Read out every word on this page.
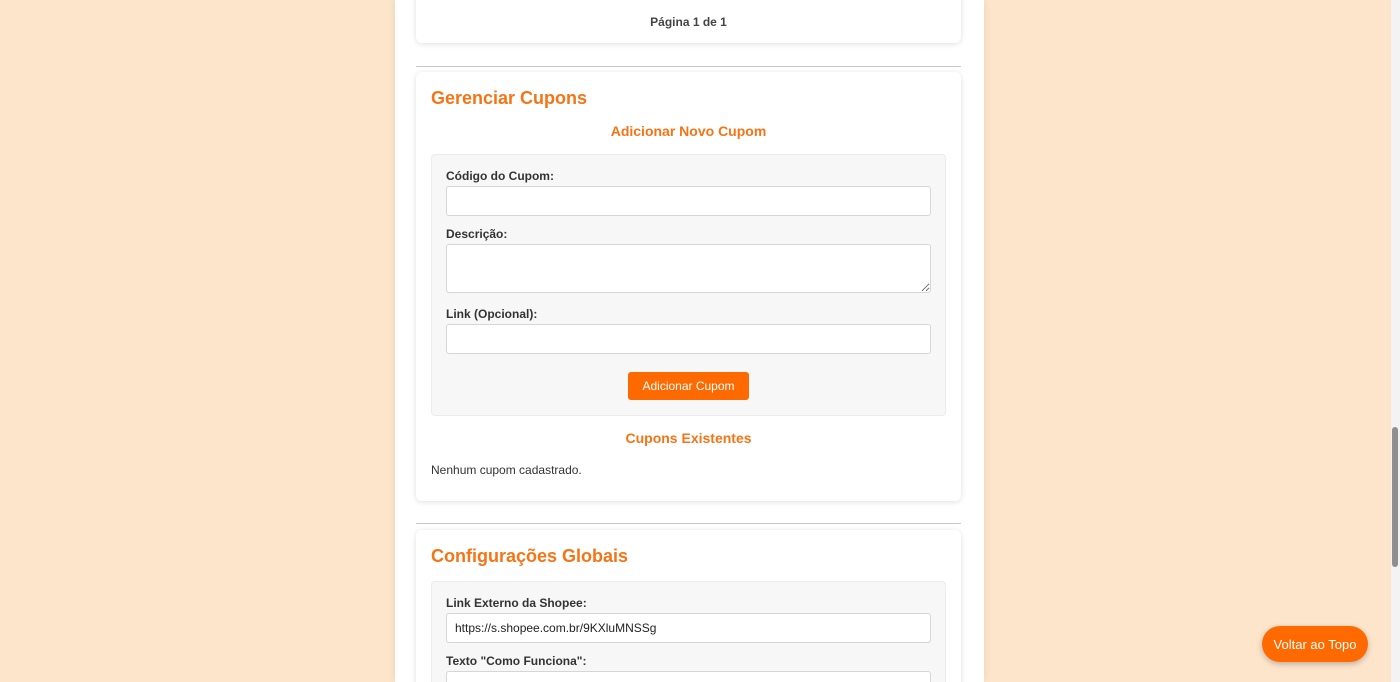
Página 1 de 1
Gerenciar Cupons
Adicionar Novo Cupom
Código do Cupom:
Descrição:
Link (Opcional):
Adicionar Cupom
Cupons Existentes
Nenhum cupom cadastrado.
Configurações Globais
Link Externo da Shopee:
https://s.shopee.com.br/9KXluMNSSg
Texto "Como Funciona":
Voltar ao Topo
